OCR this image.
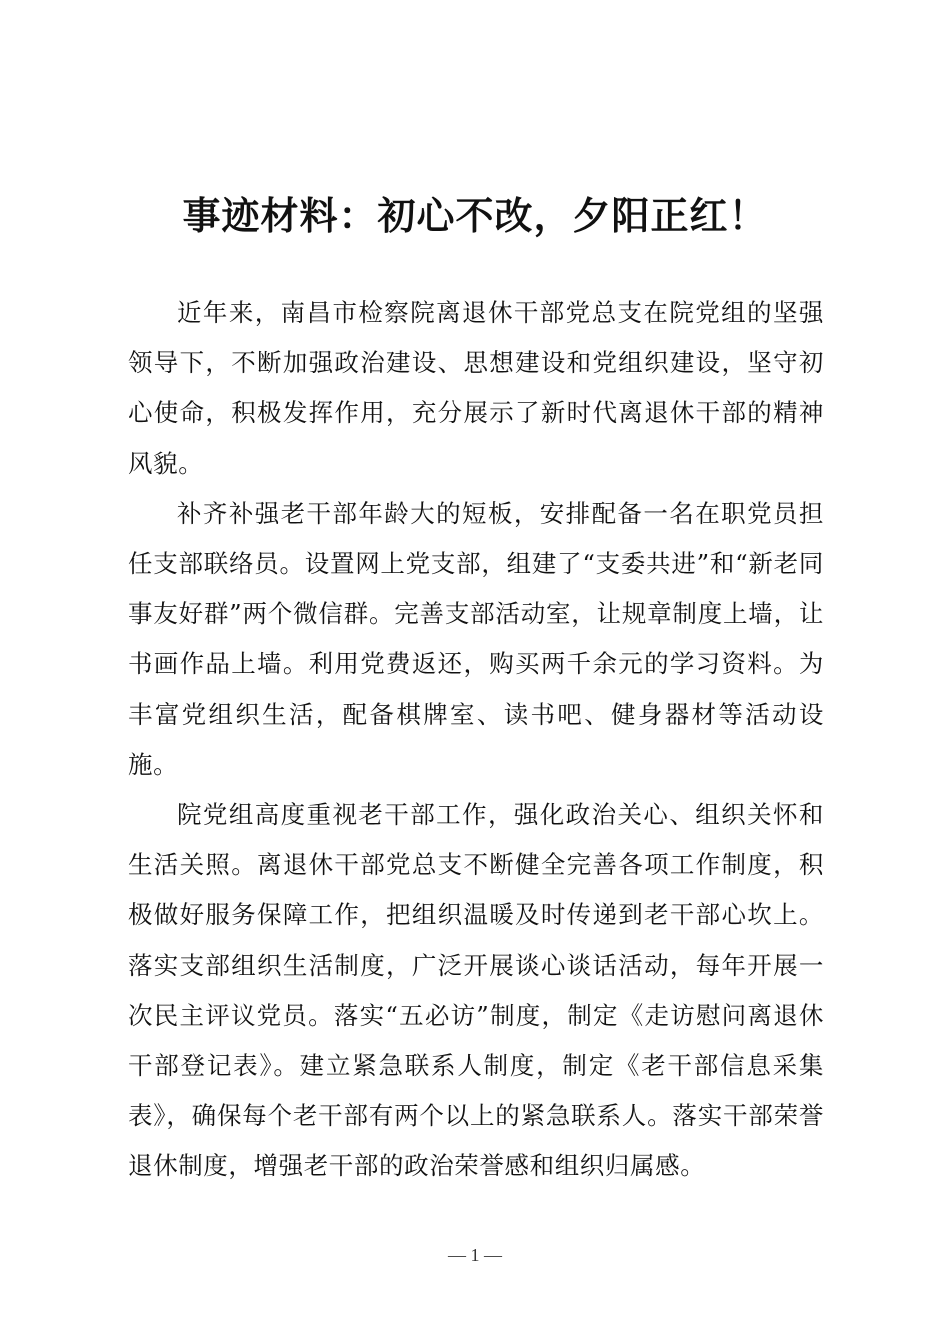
事迹材料：初心不改，夕阳正红！

近年来，南昌市检察院离退休干部党总支在院党组的坚强领导下，不断加强政治建设、思想建设和党组织建设，坚守初心使命，积极发挥作用，充分展示了新时代离退休干部的精神风貌。

补齐补强老干部年龄大的短板，安排配备一名在职党员担任支部联络员。设置网上党支部，组建了“支委共进”和“新老同事友好群”两个微信群。完善支部活动室，让规章制度上墙，让书画作品上墙。利用党费返还，购买两千余元的学习资料。为丰富党组织生活，配备棋牌室、读书吧、健身器材等活动设施。

院党组高度重视老干部工作，强化政治关心、组织关怀和生活关照。离退休干部党总支不断健全完善各项工作制度，积极做好服务保障工作，把组织温暖及时传递到老干部心坎上。落实支部组织生活制度，广泛开展谈心谈话活动，每年开展一次民主评议党员。落实“五必访”制度，制定《走访慰问离退休干部登记表》。建立紧急联系人制度，制定《老干部信息采集表》，确保每个老干部有两个以上的紧急联系人。落实干部荣誉退休制度，增强老干部的政治荣誉感和组织归属感。

— 1 —
